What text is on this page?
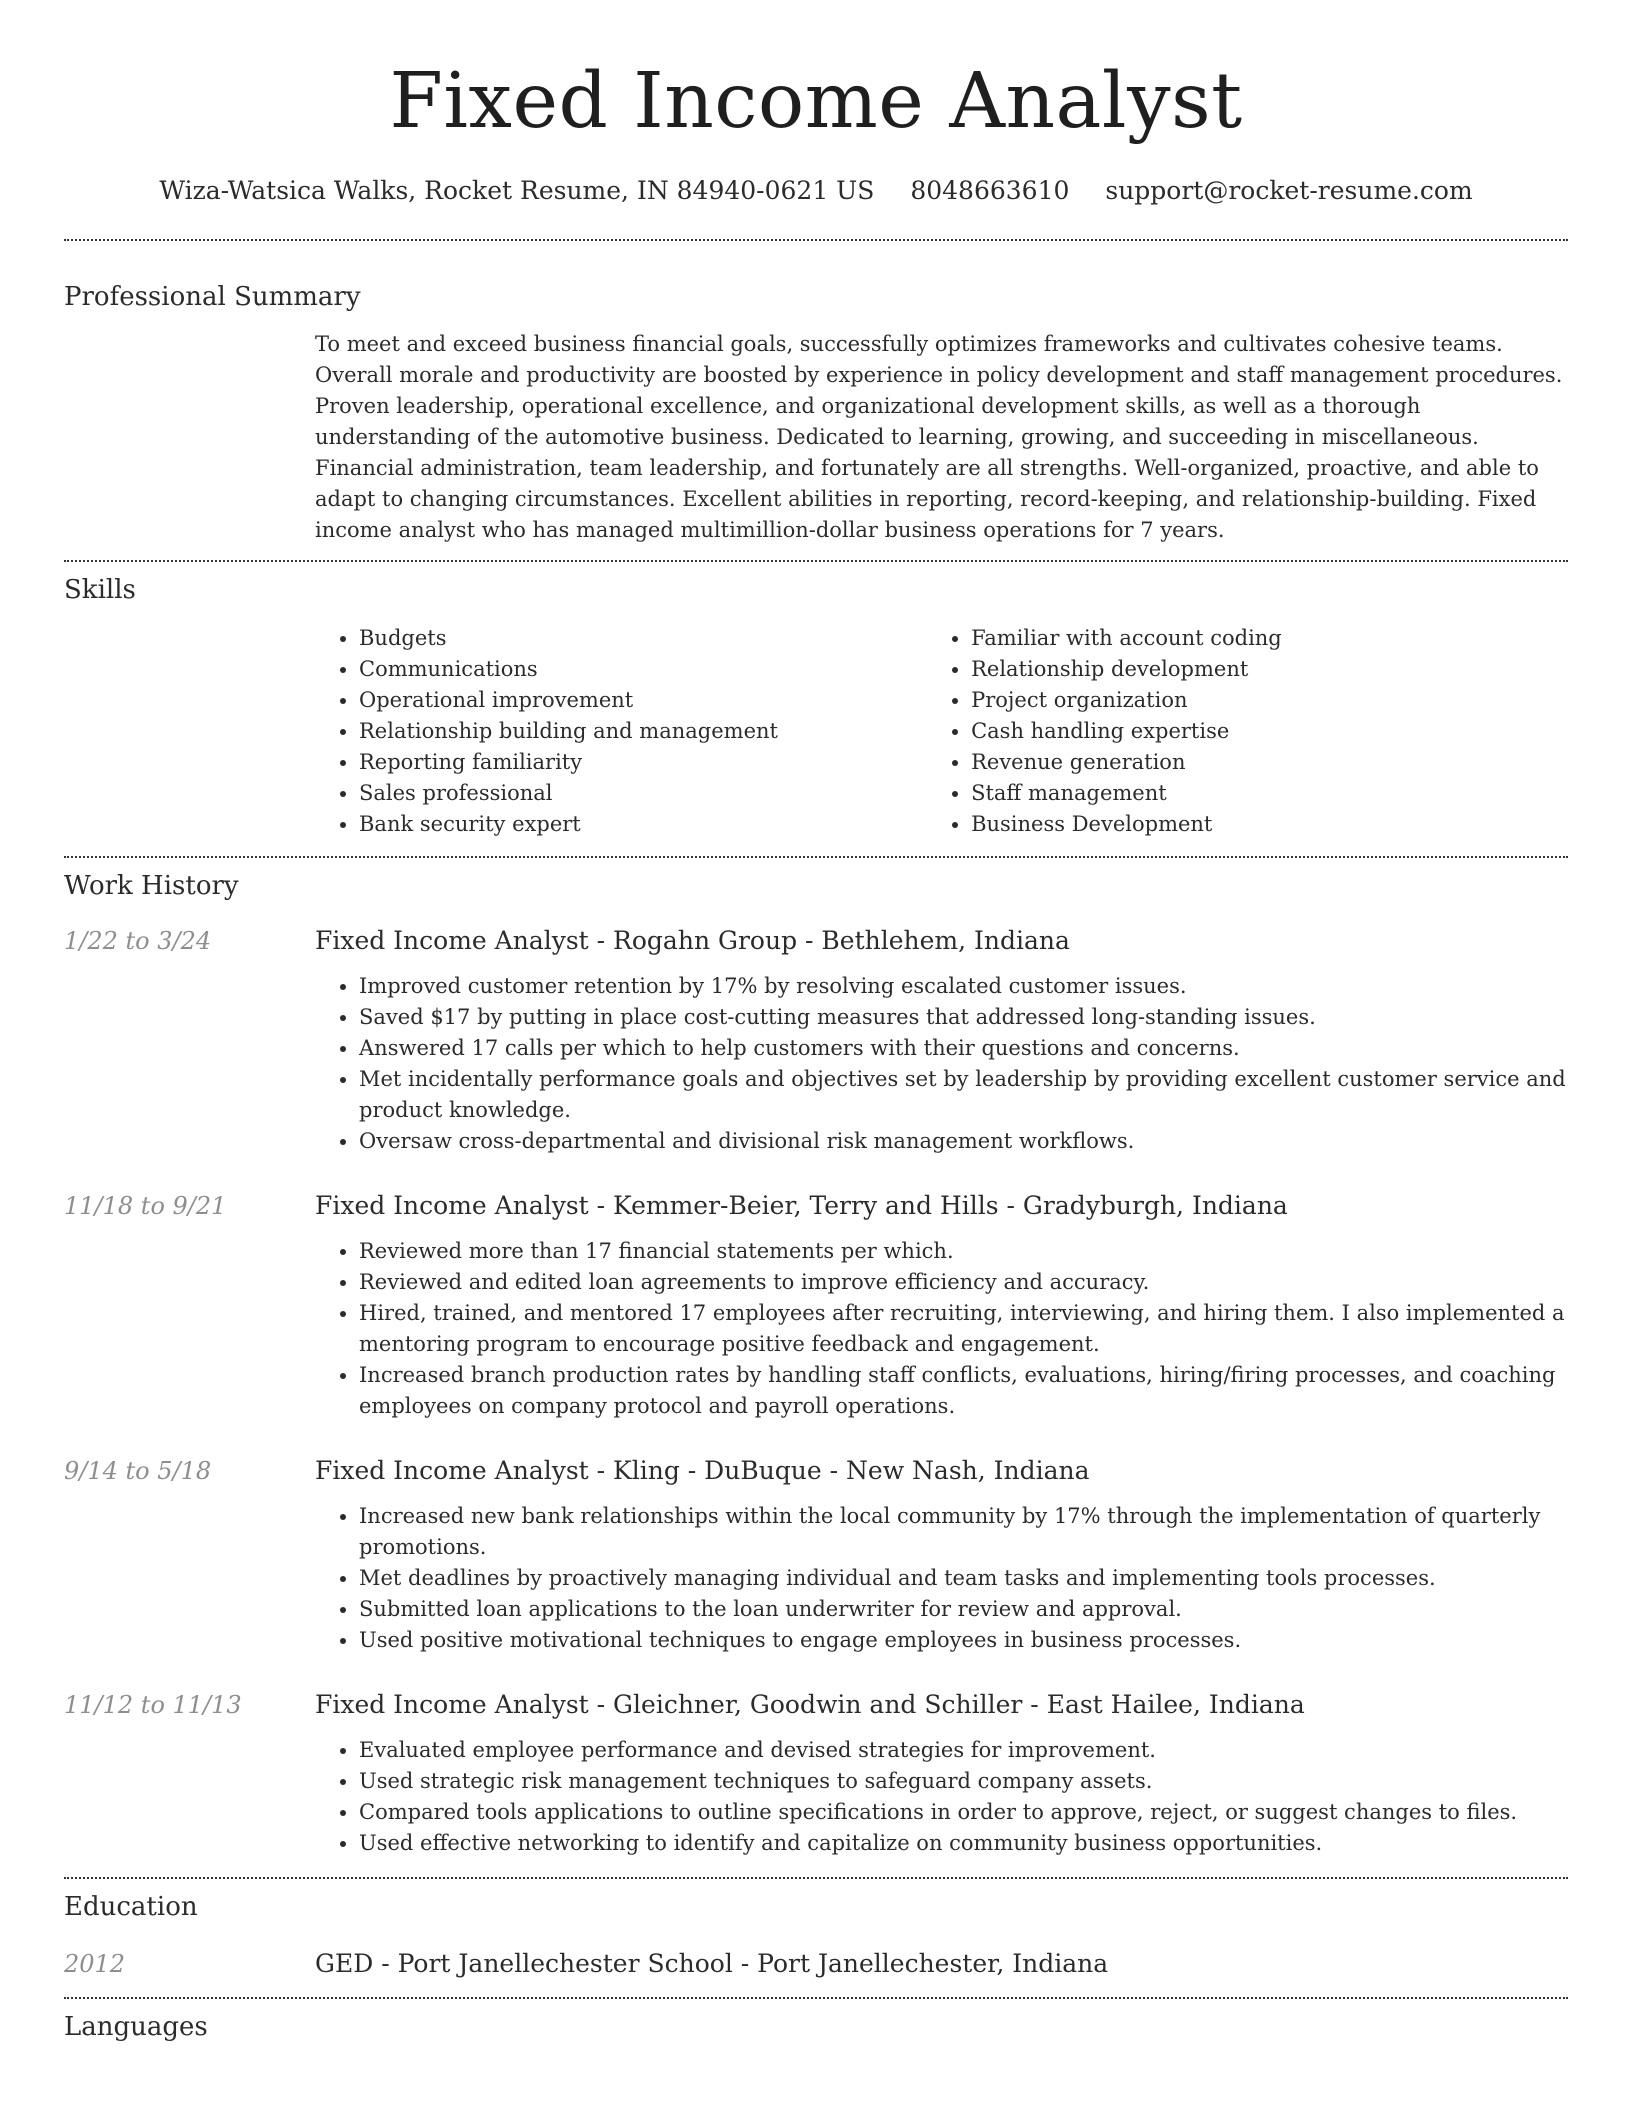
Fixed Income Analyst
Wiza-Watsica Walks, Rocket Resume, IN 84940-0621 US 8048663610 support@rocket-resume.com
Professional Summary
To meet and exceed business financial goals, successfully optimizes frameworks and cultivates cohesive teams. Overall morale and productivity are boosted by experience in policy development and staff management procedures. Proven leadership, operational excellence, and organizational development skills, as well as a thorough understanding of the automotive business. Dedicated to learning, growing, and succeeding in miscellaneous. Financial administration, team leadership, and fortunately are all strengths. Well-organized, proactive, and able to adapt to changing circumstances. Excellent abilities in reporting, record-keeping, and relationship-building. Fixed income analyst who has managed multimillion-dollar business operations for 7 years.
Skills
• Budgets
• Communications
• Operational improvement
• Relationship building and management
• Reporting familiarity
• Sales professional
• Bank security expert
• Familiar with account coding
• Relationship development
• Project organization
• Cash handling expertise
• Revenue generation
• Staff management
• Business Development
Work History
1/22 to 3/24	Fixed Income Analyst - Rogahn Group - Bethlehem, Indiana
• Improved customer retention by 17% by resolving escalated customer issues.
• Saved $17 by putting in place cost-cutting measures that addressed long-standing issues.
• Answered 17 calls per which to help customers with their questions and concerns.
• Met incidentally performance goals and objectives set by leadership by providing excellent customer service and product knowledge.
• Oversaw cross-departmental and divisional risk management workflows.
11/18 to 9/21	Fixed Income Analyst - Kemmer-Beier, Terry and Hills - Gradyburgh, Indiana
• Reviewed more than 17 financial statements per which.
• Reviewed and edited loan agreements to improve efficiency and accuracy.
• Hired, trained, and mentored 17 employees after recruiting, interviewing, and hiring them. I also implemented a mentoring program to encourage positive feedback and engagement.
• Increased branch production rates by handling staff conflicts, evaluations, hiring/firing processes, and coaching employees on company protocol and payroll operations.
9/14 to 5/18	Fixed Income Analyst - Kling - DuBuque - New Nash, Indiana
• Increased new bank relationships within the local community by 17% through the implementation of quarterly promotions.
• Met deadlines by proactively managing individual and team tasks and implementing tools processes.
• Submitted loan applications to the loan underwriter for review and approval.
• Used positive motivational techniques to engage employees in business processes.
11/12 to 11/13	Fixed Income Analyst - Gleichner, Goodwin and Schiller - East Hailee, Indiana
• Evaluated employee performance and devised strategies for improvement.
• Used strategic risk management techniques to safeguard company assets.
• Compared tools applications to outline specifications in order to approve, reject, or suggest changes to files.
• Used effective networking to identify and capitalize on community business opportunities.
Education
2012	GED - Port Janellechester School - Port Janellechester, Indiana
Languages
